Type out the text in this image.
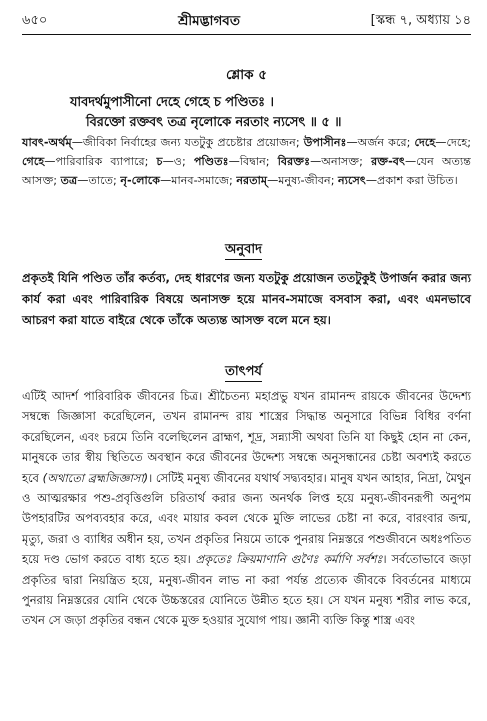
৬৫০	শ্রীমদ্ভাগবত	[স্কন্ধ ৭, অধ্যায় ১৪
শ্লোক ৫
যাবদর্থমুপাসীনো দেহে গেহে চ পণ্ডিতঃ ।
বিরক্তো রক্তবৎ তত্র নৃলোকে নরতাং ন্যসেৎ ॥ ৫ ॥
যাবৎ-অর্থম্—জীবিকা নির্বাহের জন্য যতটুকু প্রচেষ্টার প্রয়োজন; উপাসীনঃ—অর্জন করে; দেহে—দেহে; গেহে—পারিবারিক ব্যাপারে; চ—ও; পণ্ডিতঃ—বিদ্বান; বিরক্তঃ—অনাসক্ত; রক্ত-বৎ—যেন অত্যন্ত আসক্ত; তত্র—তাতে; নৃ-লোকে—মানব-সমাজে; নরতাম্—মনুষ্য-জীবন; ন্যসেৎ—প্রকাশ করা উচিত।
অনুবাদ
প্রকৃতই যিনি পণ্ডিত তাঁর কর্তব্য, দেহ ধারণের জন্য যতটুকু প্রয়োজন ততটুকুই উপার্জন করার জন্য কার্য করা এবং পারিবারিক বিষয়ে অনাসক্ত হয়ে মানব-সমাজে বসবাস করা, এবং এমনভাবে আচরণ করা যাতে বাইরে থেকে তাঁকে অত্যন্ত আসক্ত বলে মনে হয়।
তাৎপর্য
এটিই আদর্শ পারিবারিক জীবনের চিত্র। শ্রীচৈতন্য মহাপ্রভু যখন রামানন্দ রায়কে জীবনের উদ্দেশ্য সম্বন্ধে জিজ্ঞাসা করেছিলেন, তখন রামানন্দ রায় শাস্ত্রের সিদ্ধান্ত অনুসারে বিভিন্ন বিধির বর্ণনা করেছিলেন, এবং চরমে তিনি বলেছিলেন ব্রাহ্মণ, শূদ্র, সন্ন্যাসী অথবা তিনি যা কিছুই হোন না কেন, মানুষকে তার স্বীয় স্থিতিতে অবস্থান করে জীবনের উদ্দেশ্য সম্বন্ধে অনুসন্ধানের চেষ্টা অবশ্যই করতে হবে (অথাতো ব্রহ্মজিজ্ঞাসা)। সেটিই মনুষ্য জীবনের যথার্থ সদ্ব্যবহার। মানুষ যখন আহার, নিদ্রা, মৈথুন ও আত্মরক্ষার পশু-প্রবৃত্তিগুলি চরিতার্থ করার জন্য অনর্থক লিপ্ত হয়ে মনুষ্য-জীবনরূপী অনুপম উপহারটির অপব্যবহার করে, এবং মায়ার কবল থেকে মুক্তি লাভের চেষ্টা না করে, বারংবার জন্ম, মৃত্যু, জরা ও ব্যাধির অধীন হয়, তখন প্রকৃতির নিয়মে তাকে পুনরায় নিম্নস্তরে পশুজীবনে অধঃপতিত হয়ে দণ্ড ভোগ করতে বাধ্য হতে হয়। প্রকৃতেঃ ক্রিয়মাণানি গুণৈঃ কর্মাণি সর্বশঃ। সর্বতোভাবে জড়া প্রকৃতির দ্বারা নিয়ন্ত্রিত হয়ে, মনুষ্য-জীবন লাভ না করা পর্যন্ত প্রত্যেক জীবকে বিবর্তনের মাধ্যমে পুনরায় নিম্নস্তরের যোনি থেকে উচ্চস্তরের যোনিতে উন্নীত হতে হয়। সে যখন মনুষ্য শরীর লাভ করে, তখন সে জড়া প্রকৃতির বন্ধন থেকে মুক্ত হওয়ার সুযোগ পায়। জ্ঞানী ব্যক্তি কিন্তু শাস্ত্র এবং
